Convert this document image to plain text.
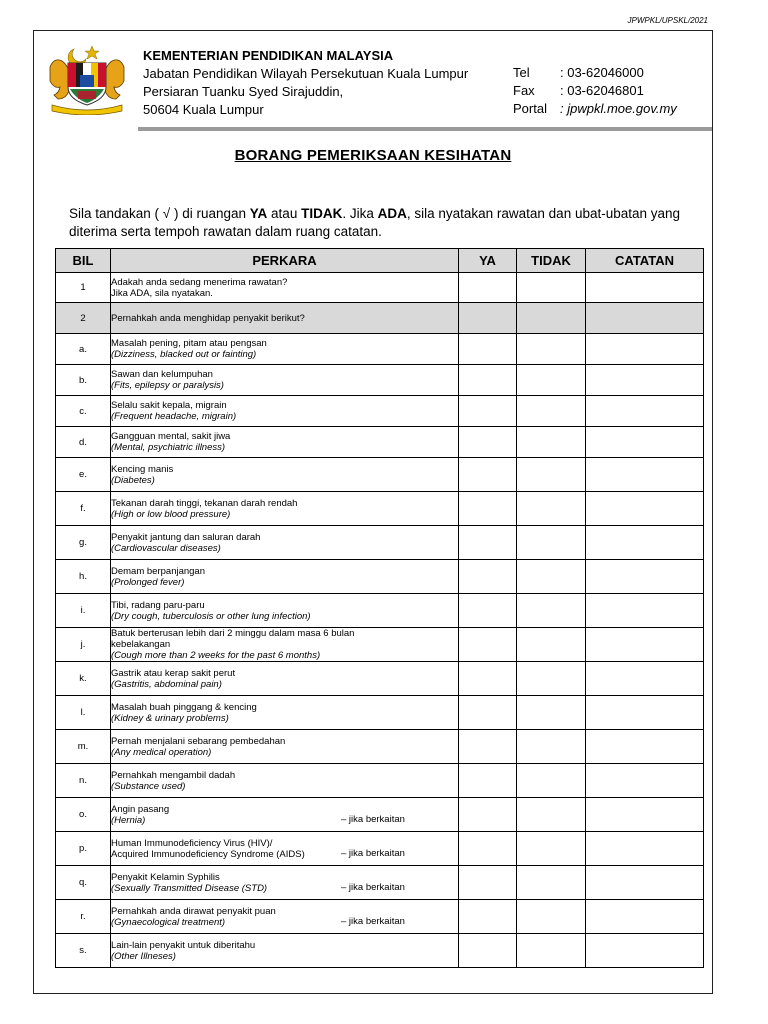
JPWPKL/UPSKL/2021
KEMENTERIAN PENDIDIKAN MALAYSIA
Jabatan Pendidikan Wilayah Persekutuan Kuala Lumpur
Persiaran Tuanku Syed Sirajuddin,
50604 Kuala Lumpur
Tel	: 03-62046000
Fax	: 03-62046801
Portal	: jpwpkl.moe.gov.my
BORANG PEMERIKSAAN KESIHATAN
Sila tandakan ( √ ) di ruangan YA atau TIDAK. Jika ADA, sila nyatakan rawatan dan ubat-ubatan yang diterima serta tempoh rawatan dalam ruang catatan.
BIL	PERKARA	YA	TIDAK	CATATAN
1	Adakah anda sedang menerima rawatan?
Jika ADA, sila nyatakan.			

2	Pernahkah anda menghidap penyakit berikut?			

a.	Masalah pening, pitam atau pengsan
(Dizziness, blacked out or fainting)			

b.	Sawan dan kelumpuhan
(Fits, epilepsy or paralysis)			

c.	Selalu sakit kepala, migrain
(Frequent headache, migrain)			

d.	Gangguan mental, sakit jiwa
(Mental, psychiatric illness)			

e.	Kencing manis
(Diabetes)			

f.	Tekanan darah tinggi, tekanan darah rendah
(High or low blood pressure)			

g.	Penyakit jantung dan saluran darah
(Cardiovascular diseases)			

h.	Demam berpanjangan
(Prolonged fever)			

i.	Tibi, radang paru-paru
(Dry cough, tuberculosis or other lung infection)			

j.	Batuk berterusan lebih dari 2 minggu dalam masa 6 bulan
kebelakangan
(Cough more than 2 weeks for the past 6 months)			

k.	Gastrik atau kerap sakit perut
(Gastritis, abdominal pain)			

l.	Masalah buah pinggang & kencing
(Kidney & urinary problems)			

m.	Pernah menjalani sebarang pembedahan
(Any medical operation)			

n.	Pernahkah mengambil dadah
(Substance used)			

o.	Angin pasang
(Hernia) – jika berkaitan			

p.	Human Immunodeficiency Virus (HIV)/
Acquired Immunodeficiency Syndrome (AIDS) – jika berkaitan			

q.	Penyakit Kelamin Syphilis
(Sexually Transmitted Disease (STD) – jika berkaitan			

r.	Pernahkah anda dirawat penyakit puan
(Gynaecological treatment) – jika berkaitan			

s.	Lain-lain penyakit untuk diberitahu
(Other Illneses)			
